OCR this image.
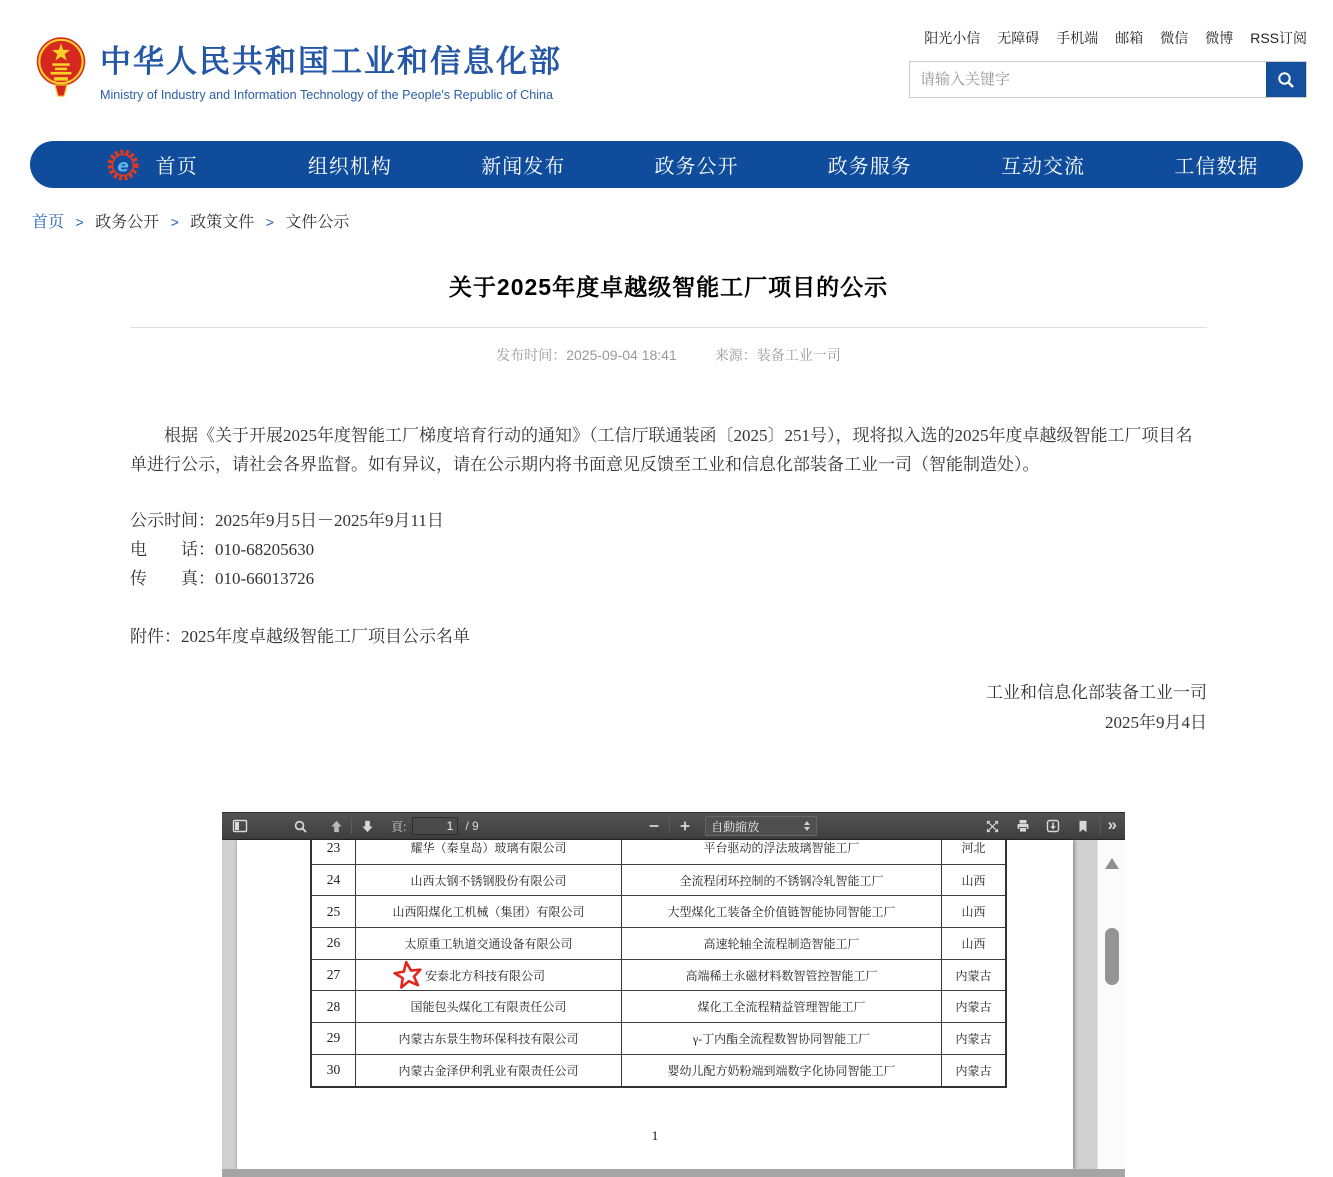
中华人民共和国工业和信息化部
Ministry of Industry and Information Technology of the People's Republic of China
阳光小信 无障碍 手机端 邮箱 微信 微博 RSS订阅
请输入关键字
e	首页	组织机构	新闻发布	政务公开	政务服务	互动交流	工信数据
首页 > 政务公开 > 政策文件 > 文件公示
关于2025年度卓越级智能工厂项目的公示
发布时间：2025-09-04 18:41	来源：装备工业一司

根据《关于开展2025年度智能工厂梯度培育行动的通知》（工信厅联通装函〔2025〕251号），现将拟入选的2025年度卓越级智能工厂项目名单进行公示，请社会各界监督。如有异议，请在公示期内将书面意见反馈至工业和信息化部装备工业一司（智能制造处）。

公示时间：2025年9月5日－2025年9月11日

电　　话：010-68205630

传　　真：010-66013726

附件：2025年度卓越级智能工厂项目公示名单

工业和信息化部装备工业一司

2025年9月4日

頁:
1	/ 9	自動縮放	»
23	耀华（秦皇岛）玻璃有限公司	平台驱动的浮法玻璃智能工厂	河北
24	山西太钢不锈钢股份有限公司	全流程闭环控制的不锈钢冷轧智能工厂	山西
25	山西阳煤化工机械（集团）有限公司	大型煤化工装备全价值链智能协同智能工厂	山西
26	太原重工轨道交通设备有限公司	高速轮轴全流程制造智能工厂	山西
27	安泰北方科技有限公司	高端稀土永磁材料数智管控智能工厂	内蒙古
28	国能包头煤化工有限责任公司	煤化工全流程精益管理智能工厂	内蒙古
29	内蒙古东景生物环保科技有限公司	γ-丁内酯全流程数智协同智能工厂	内蒙古
30	内蒙古金泽伊利乳业有限责任公司	婴幼儿配方奶粉端到端数字化协同智能工厂	内蒙古
1
